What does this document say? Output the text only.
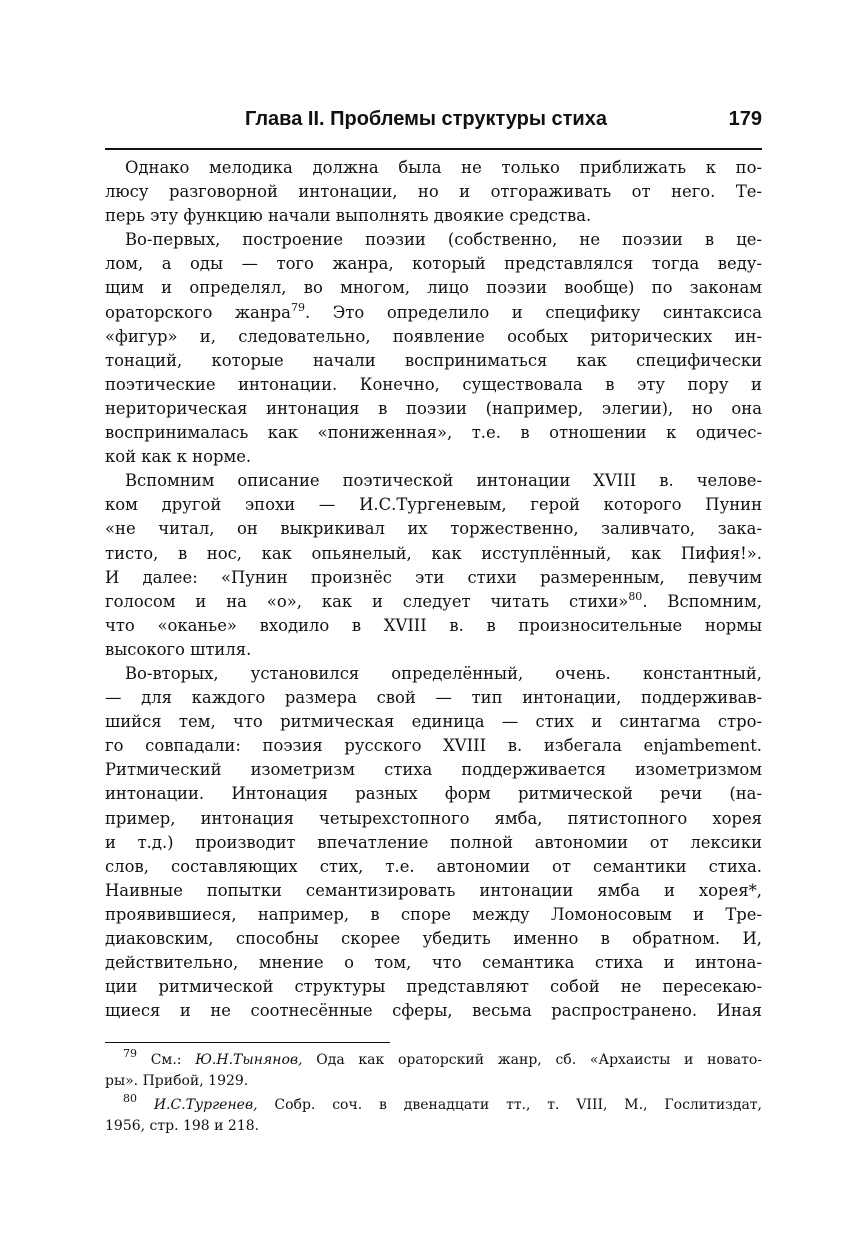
Глава II. Проблемы структуры стиха	179
Однако мелодика должна была не только приближать к по-
люсу разговорной интонации, но и отгораживать от него. Те-
перь эту функцию начали выполнять двоякие средства.
Во-первых, построение поэзии (собственно, не поэзии в це-
лом, а оды — того жанра, который представлялся тогда веду-
щим и определял, во многом, лицо поэзии вообще) по законам
ораторского жанра$^{79}$. Это определило и специфику синтаксиса
«фигур» и, следовательно, появление особых риторических ин-
тонаций, которые начали восприниматься как специфически
поэтические интонации. Конечно, существовала в эту пору и
нериторическая интонация в поэзии (например, элегии), но она
воспринималась как «пониженная», т.е. в отношении к одичес-
кой как к норме.
Вспомним описание поэтической интонации XVIII в. челове-
ком другой эпохи — И.С.Тургеневым, герой которого Пунин
«не читал, он выкрикивал их торжественно, заливчато, зака-
тисто, в нос, как опьянелый, как исступлённый, как Пифия!».
И далее: «Пунин произнёс эти стихи размеренным, певучим
голосом и на «о», как и следует читать стихи»$^{80}$. Вспомним,
что «оканье» входило в XVIII в. в произносительные нормы
высокого штиля.
Во-вторых, установился определённый, очень. константный,
— для каждого размера свой — тип интонации, поддерживав-
шийся тем, что ритмическая единица — стих и синтагма стро-
го совпадали: поэзия русского XVIII в. избегала enjambement.
Ритмический изометризм стиха поддерживается изометризмом
интонации. Интонация разных форм ритмической речи (на-
пример, интонация четырехстопного ямба, пятистопного хорея
и т.д.) производит впечатление полной автономии от лексики
слов, составляющих стих, т.е. автономии от семантики стиха.
Наивные попытки семантизировать интонации ямба и хорея*,
проявившиеся, например, в споре между Ломоносовым и Тре-
диаковским, способны скорее убедить именно в обратном. И,
действительно, мнение о том, что семантика стиха и интона-
ции ритмической структуры представляют собой не пересекаю-
щиеся и не соотнесённые сферы, весьма распространено. Иная
$^{79}$ См.: Ю.Н.Тынянов, Ода как ораторский жанр, сб. «Архаисты и новато-
ры». Прибой, 1929.
$^{80}$ И.С.Тургенев, Собр. соч. в двенадцати тт., т. VIII, М., Гослитиздат,
1956, стр. 198 и 218.
